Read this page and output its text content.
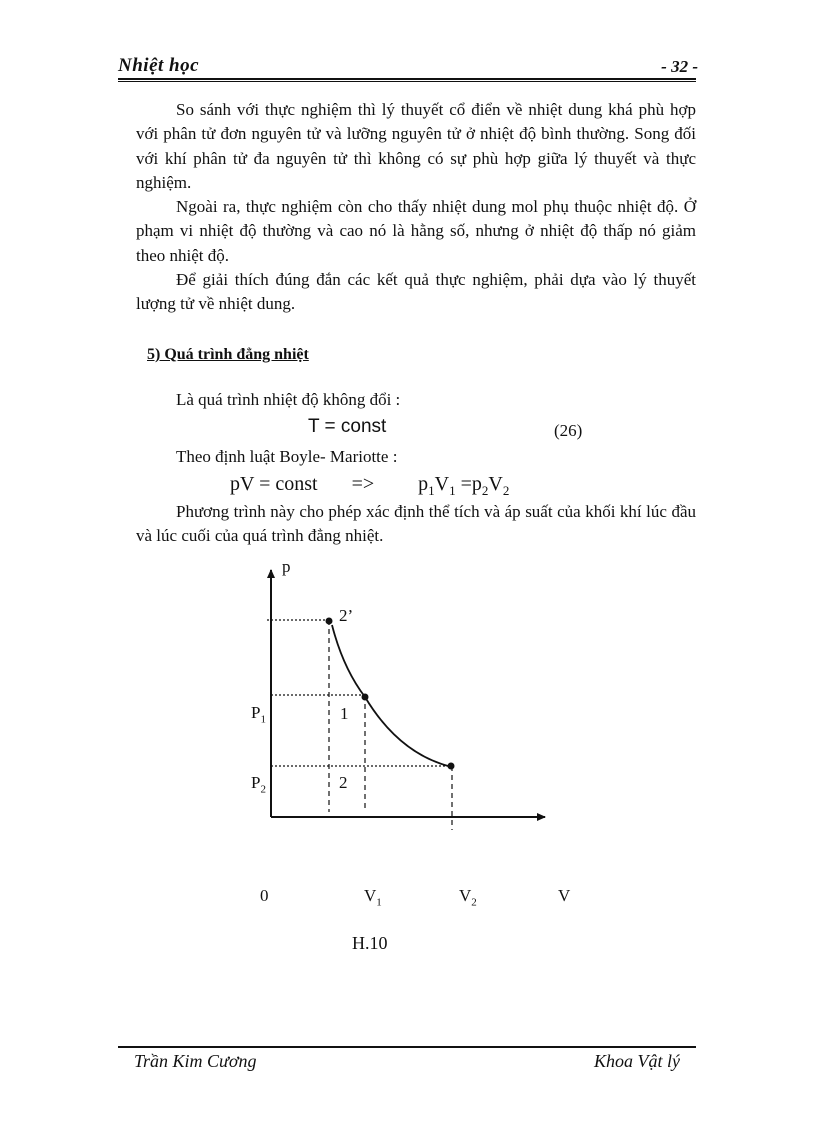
Nhiệt học	- 32 -

So sánh với thực nghiệm thì lý thuyết cổ điển về nhiệt dung khá phù hợp với phân tử đơn nguyên tử và lưỡng nguyên tử ở nhiệt độ bình thường. Song đối với khí phân tử đa nguyên tử thì không có sự phù hợp giữa lý thuyết và thực nghiệm.

Ngoài ra, thực nghiệm còn cho thấy nhiệt dung mol phụ thuộc nhiệt độ. Ở phạm vi nhiệt độ thường và cao nó là hằng số, nhưng ở nhiệt độ thấp nó giảm theo nhiệt độ.

Để giải thích đúng đắn các kết quả thực nghiệm, phải dựa vào lý thuyết lượng tử về nhiệt dung.

5) Quá trình đẳng nhiệt
Là quá trình nhiệt độ không đổi :
T = const	(26)
Theo định luật Boyle- Mariotte :
pV = const => $p_1V_1 =p_2V_2$

Phương trình này cho phép xác định thể tích và áp suất của khối khí lúc đầu và lúc cuối của quá trình đẳng nhiệt.

p
2’
$P_1$	1
$P_2$	2
0	$V_1$	$V_2$	V
H.10
Trần Kim Cương	Khoa Vật lý
